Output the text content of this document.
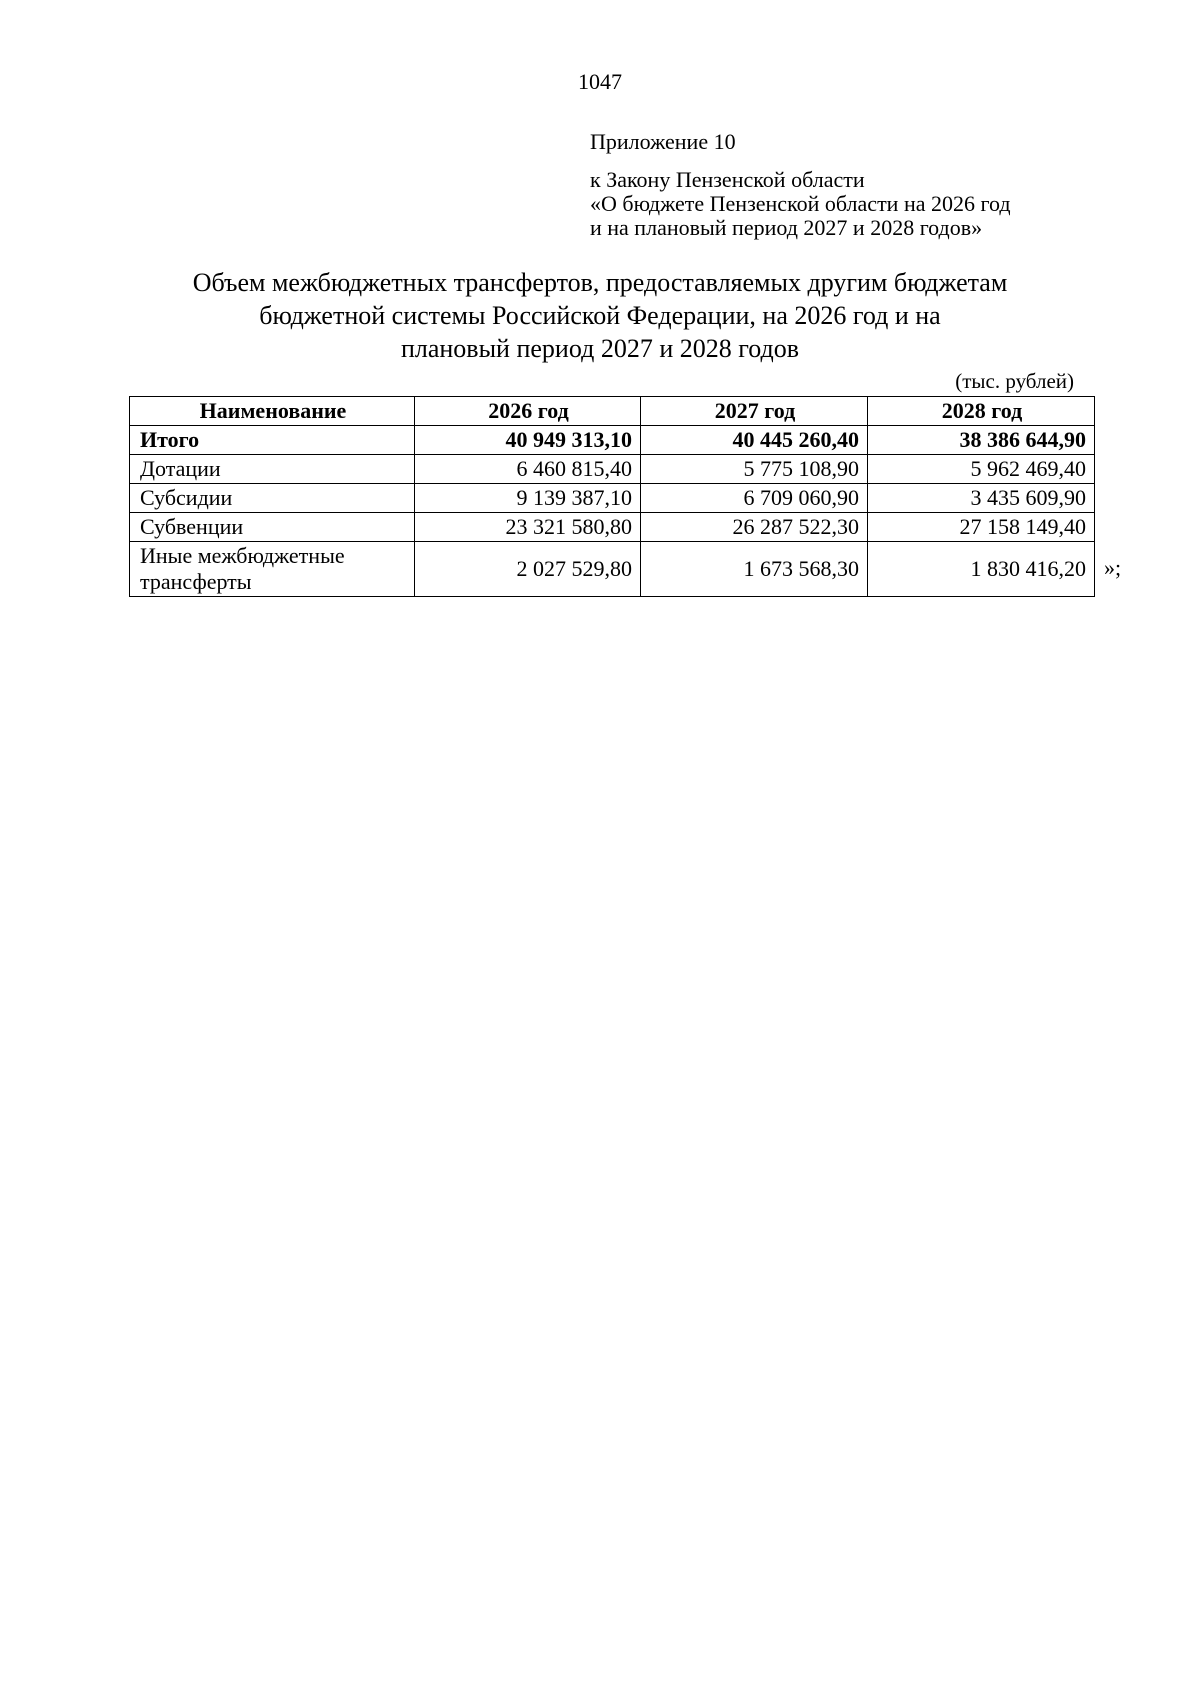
1047
Приложение 10
к Закону Пензенской области
«О бюджете Пензенской области на 2026 год
и на плановый период 2027 и 2028 годов»
Объем межбюджетных трансфертов, предоставляемых другим бюджетам
бюджетной системы Российской Федерации, на 2026 год и на
плановый период 2027 и 2028 годов
(тыс. рублей)
Наименование	2026 год	2027 год	2028 год
Итого	40 949 313,10	40 445 260,40	38 386 644,90
Дотации	6 460 815,40	5 775 108,90	5 962 469,40
Субсидии	9 139 387,10	6 709 060,90	3 435 609,90
Субвенции	23 321 580,80	26 287 522,30	27 158 149,40
Иные межбюджетные
трансферты	2 027 529,80	1 673 568,30	1 830 416,20 »;
